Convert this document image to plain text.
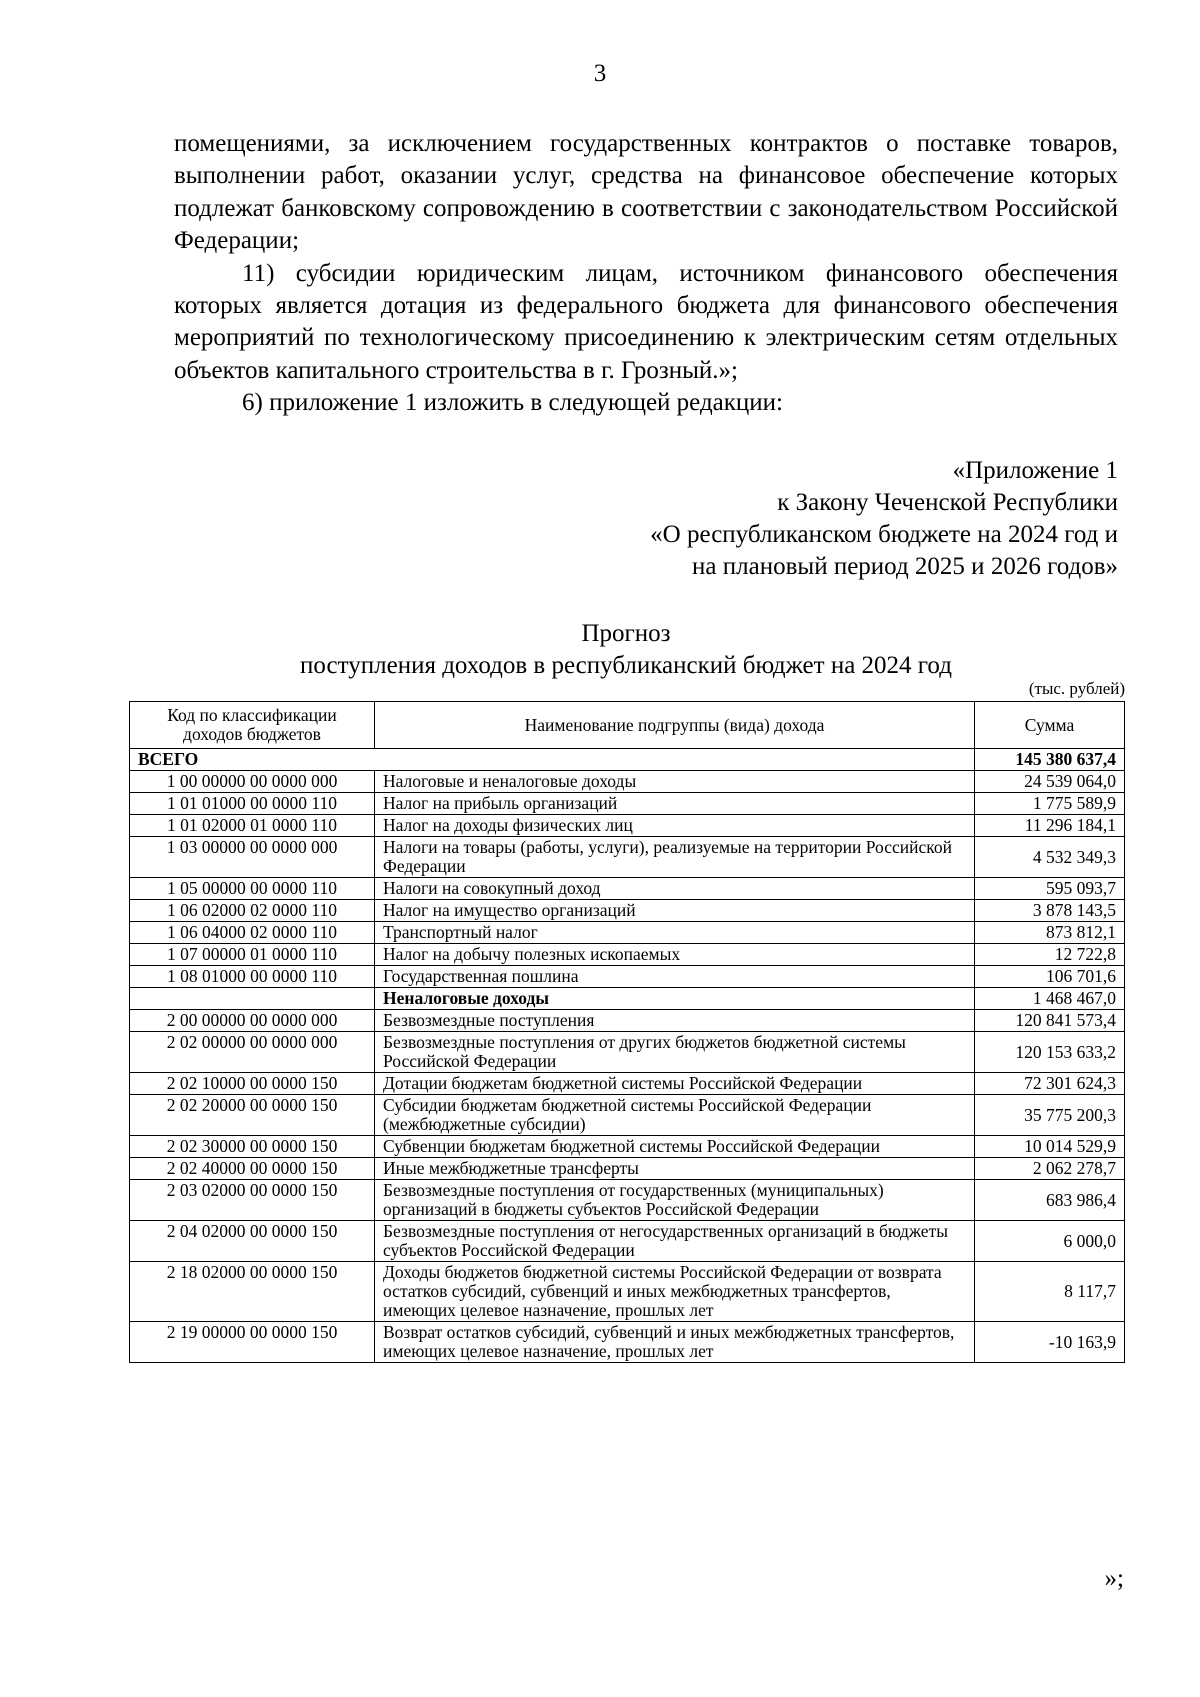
3

помещениями, за исключением государственных контрактов о поставке товаров, выполнении работ, оказании услуг, средства на финансовое обеспечение которых подлежат банковскому сопровождению в соответствии с законодательством Российской Федерации;

11) субсидии юридическим лицам, источником финансового обеспечения которых является дотация из федерального бюджета для финансового обеспечения мероприятий по технологическому присоединению к электрическим сетям отдельных объектов капитального строительства в г. Грозный.»;

6) приложение 1 изложить в следующей редакции:

«Приложение 1
к Закону Чеченской Республики
«О республиканском бюджете на 2024 год и
на плановый период 2025 и 2026 годов»
Прогноз
поступления доходов в республиканский бюджет на 2024 год
(тыс. рублей)
Код по классификации доходов бюджетов	Наименование подгруппы (вида) дохода	Сумма
ВСЕГО		145 380 637,4
1 00 00000 00 0000 000	Налоговые и неналоговые доходы	24 539 064,0
1 01 01000 00 0000 110	Налог на прибыль организаций	1 775 589,9
1 01 02000 01 0000 110	Налог на доходы физических лиц	11 296 184,1
1 03 00000 00 0000 000	Налоги на товары (работы, услуги), реализуемые на территории Российской Федерации	4 532 349,3
1 05 00000 00 0000 110	Налоги на совокупный доход	595 093,7
1 06 02000 02 0000 110	Налог на имущество организаций	3 878 143,5
1 06 04000 02 0000 110	Транспортный налог	873 812,1
1 07 00000 01 0000 110	Налог на добычу полезных ископаемых	12 722,8
1 08 01000 00 0000 110	Государственная пошлина	106 701,6
	Неналоговые доходы	1 468 467,0
2 00 00000 00 0000 000	Безвозмездные поступления	120 841 573,4
2 02 00000 00 0000 000	Безвозмездные поступления от других бюджетов бюджетной системы Российской Федерации	120 153 633,2
2 02 10000 00 0000 150	Дотации бюджетам бюджетной системы Российской Федерации	72 301 624,3
2 02 20000 00 0000 150	Субсидии бюджетам бюджетной системы Российской Федерации (межбюджетные субсидии)	35 775 200,3
2 02 30000 00 0000 150	Субвенции бюджетам бюджетной системы Российской Федерации	10 014 529,9
2 02 40000 00 0000 150	Иные межбюджетные трансферты	2 062 278,7
2 03 02000 00 0000 150	Безвозмездные поступления от государственных (муниципальных) организаций в бюджеты субъектов Российской Федерации	683 986,4
2 04 02000 00 0000 150	Безвозмездные поступления от негосударственных организаций в бюджеты субъектов Российской Федерации	6 000,0
2 18 02000 00 0000 150	Доходы бюджетов бюджетной системы Российской Федерации от возврата остатков субсидий, субвенций и иных межбюджетных трансфертов, имеющих целевое назначение, прошлых лет	8 117,7
2 19 00000 00 0000 150	Возврат остатков субсидий, субвенций и иных межбюджетных трансфертов, имеющих целевое назначение, прошлых лет	-10 163,9
»;
